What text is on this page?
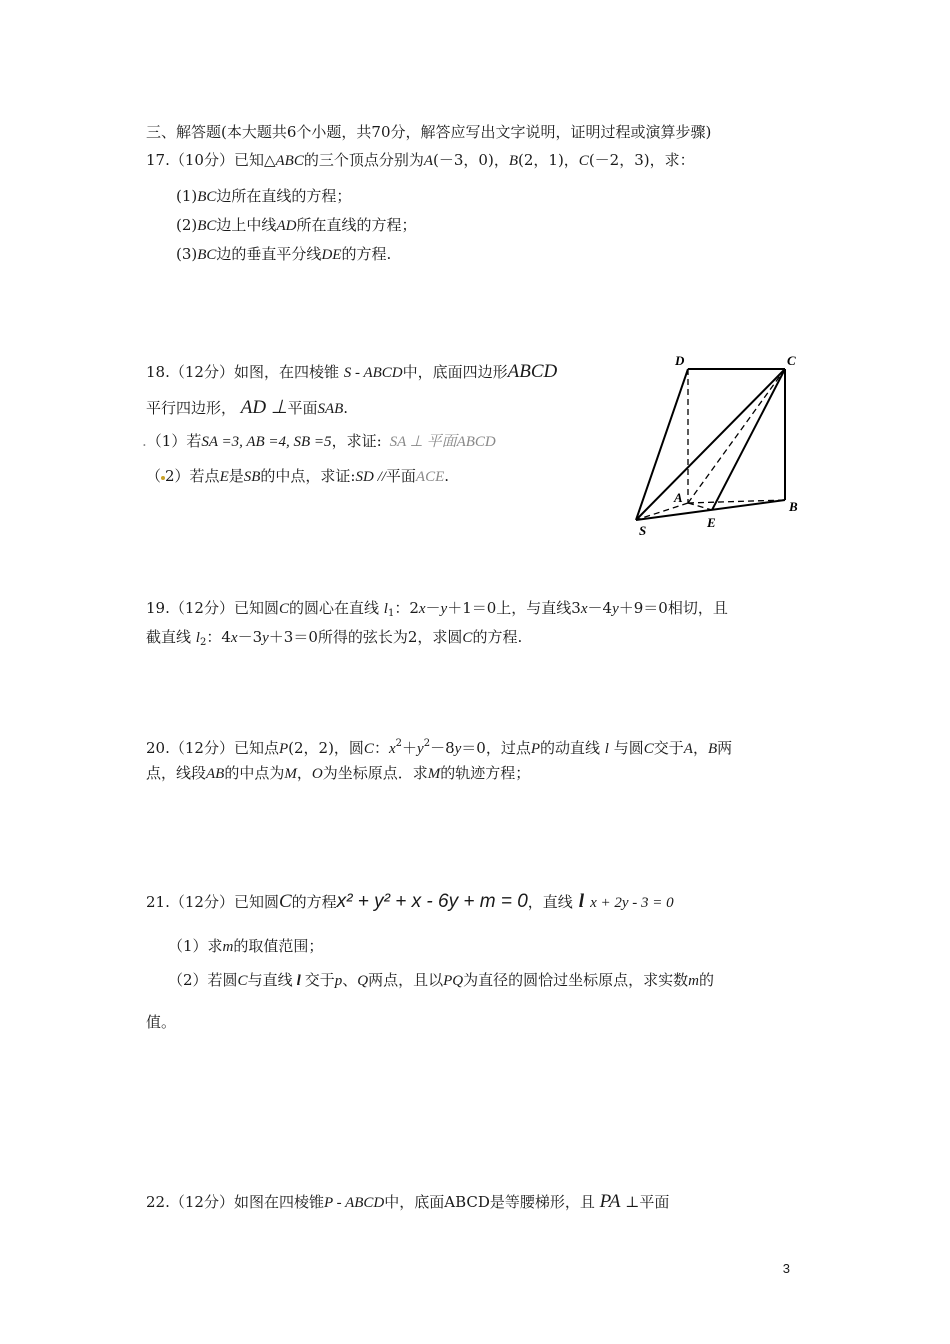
三、解答题(本大题共6个小题，共70分，解答应写出文字说明，证明过程或演算步骤)
17.（10分）已知△ABC的三个顶点分别为A(－3，0)，B(2，1)，C(－2，3)，求：
(1)BC边所在直线的方程；
(2)BC边上中线AD所在直线的方程；
(3)BC边的垂直平分线DE的方程.
18.（12分）如图，在四棱锥 S - ABCD中，底面四边形ABCD
平行四边形， AD ⊥平面SAB.
.（1）若SA =3, AB =4, SB =5，求证: SA ⊥ 平面ABCD
（ 2）若点E是SB的中点，求证:SD //平面ACE.
D	C
A
B
S
E
19.（12分）已知圆C的圆心在直线 $l_1$：2x－y＋1＝0上，与直线3x－4y＋9＝0相切，且
截直线 $l_2$：4x－3y＋3＝0所得的弦长为2，求圆C的方程.
20.（12分）已知点P(2，2)，圆C：$x^2+y^2-8y=0$，过点P的动直线 l 与圆C交于A，B两
点，线段AB的中点为M，O为坐标原点．求M的轨迹方程；
21.（12分）已知圆C的方程x² + y² + x - 6y + m = 0，直线 l x + 2y - 3 = 0
（1）求m的取值范围；
（2）若圆C与直线 l 交于p、Q两点，且以PQ为直径的圆恰过坐标原点，求实数m的
值。
22.（12分）如图在四棱锥P - ABCD中，底面ABCD是等腰梯形，且 PA ⊥平面
3
